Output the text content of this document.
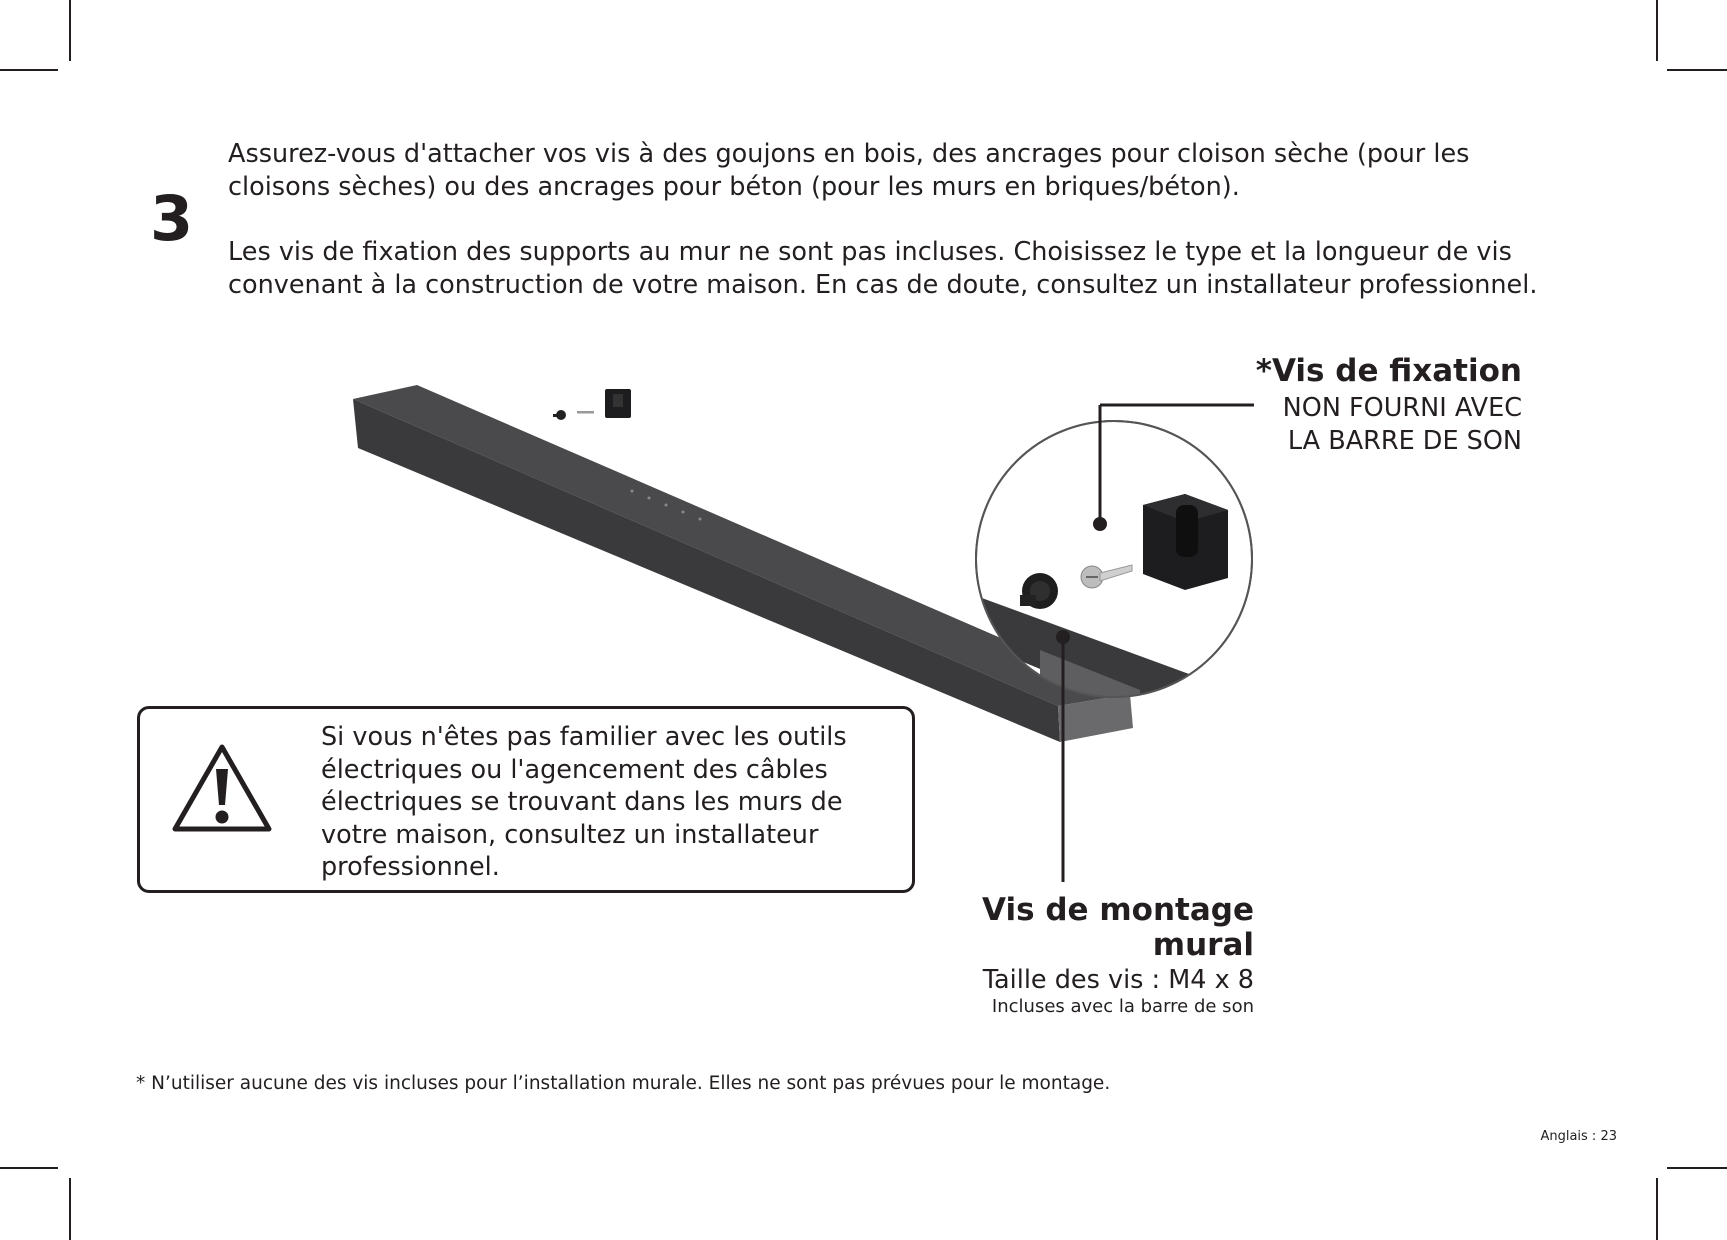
3

Assurez-vous d'attacher vos vis à des goujons en bois, des ancrages pour cloison sèche (pour les cloisons sèches) ou des ancrages pour béton (pour les murs en briques/béton).

Les vis de fixation des supports au mur ne sont pas incluses. Choisissez le type et la longueur de vis convenant à la construction de votre maison. En cas de doute, consultez un installateur professionnel.

*Vis de fixation
NON FOURNI AVEC LA BARRE DE SON
Vis de montage mural
Taille des vis : M4 x 8
Incluses avec la barre de son
Si vous n'êtes pas familier avec les outils électriques ou l'agencement des câbles électriques se trouvant dans les murs de votre maison, consultez un installateur professionnel.
* N’utiliser aucune des vis incluses pour l’installation murale. Elles ne sont pas prévues pour le montage.
Anglais : 23
